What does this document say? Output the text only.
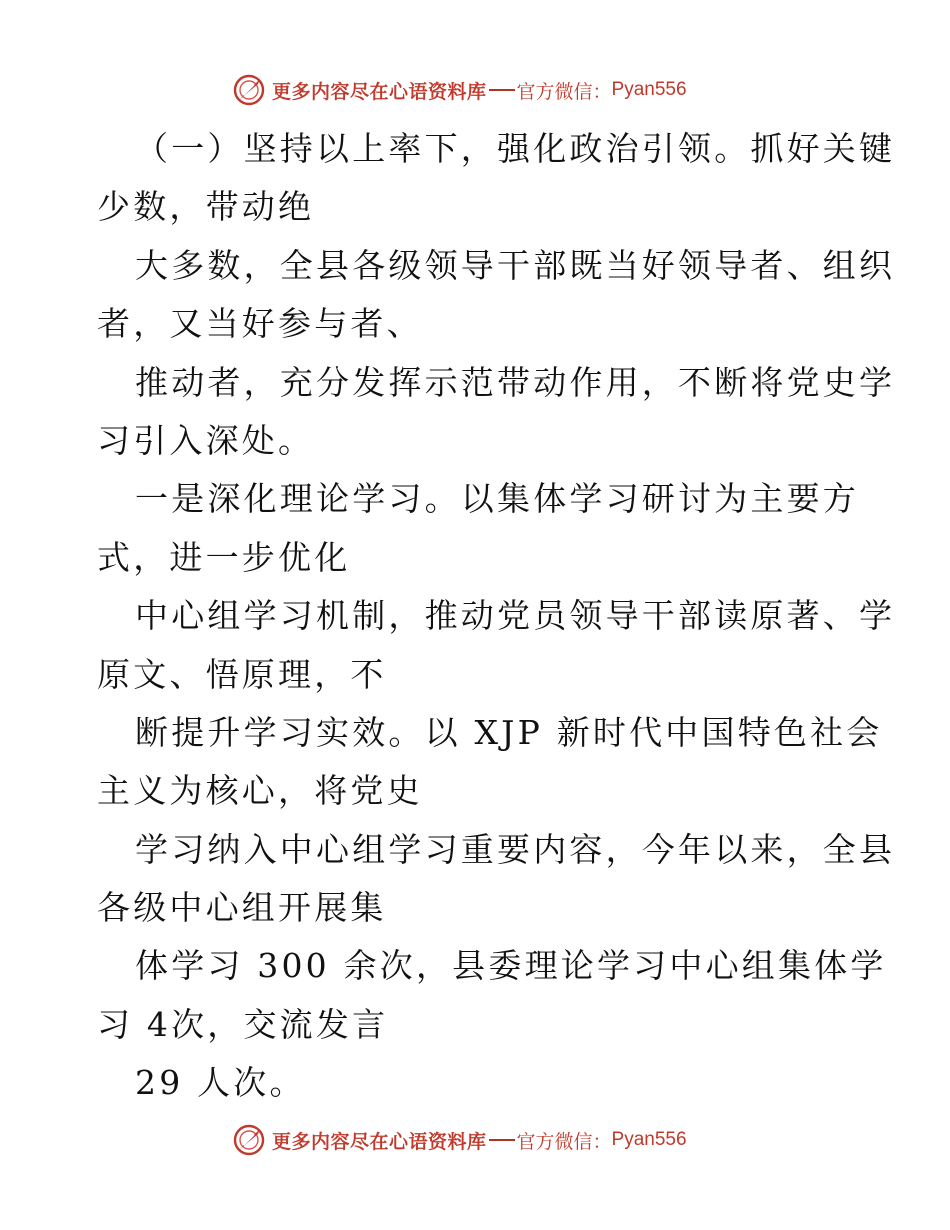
更多内容尽在心语资料库 官方微信： Pyan556
（一）坚持以上率下，强化政治引领。抓好关键
少数，带动绝
大多数，全县各级领导干部既当好领导者、组织
者，又当好参与者、
推动者，充分发挥示范带动作用，不断将党史学
习引入深处。
一是深化理论学习。以集体学习研讨为主要方
式，进一步优化
中心组学习机制，推动党员领导干部读原著、学
原文、悟原理，不
断提升学习实效。以 XJP 新时代中国特色社会
主义为核心，将党史
学习纳入中心组学习重要内容，今年以来，全县
各级中心组开展集
体学习 300 余次，县委理论学习中心组集体学
习 4次，交流发言
29 人次。
更多内容尽在心语资料库 官方微信： Pyan556
